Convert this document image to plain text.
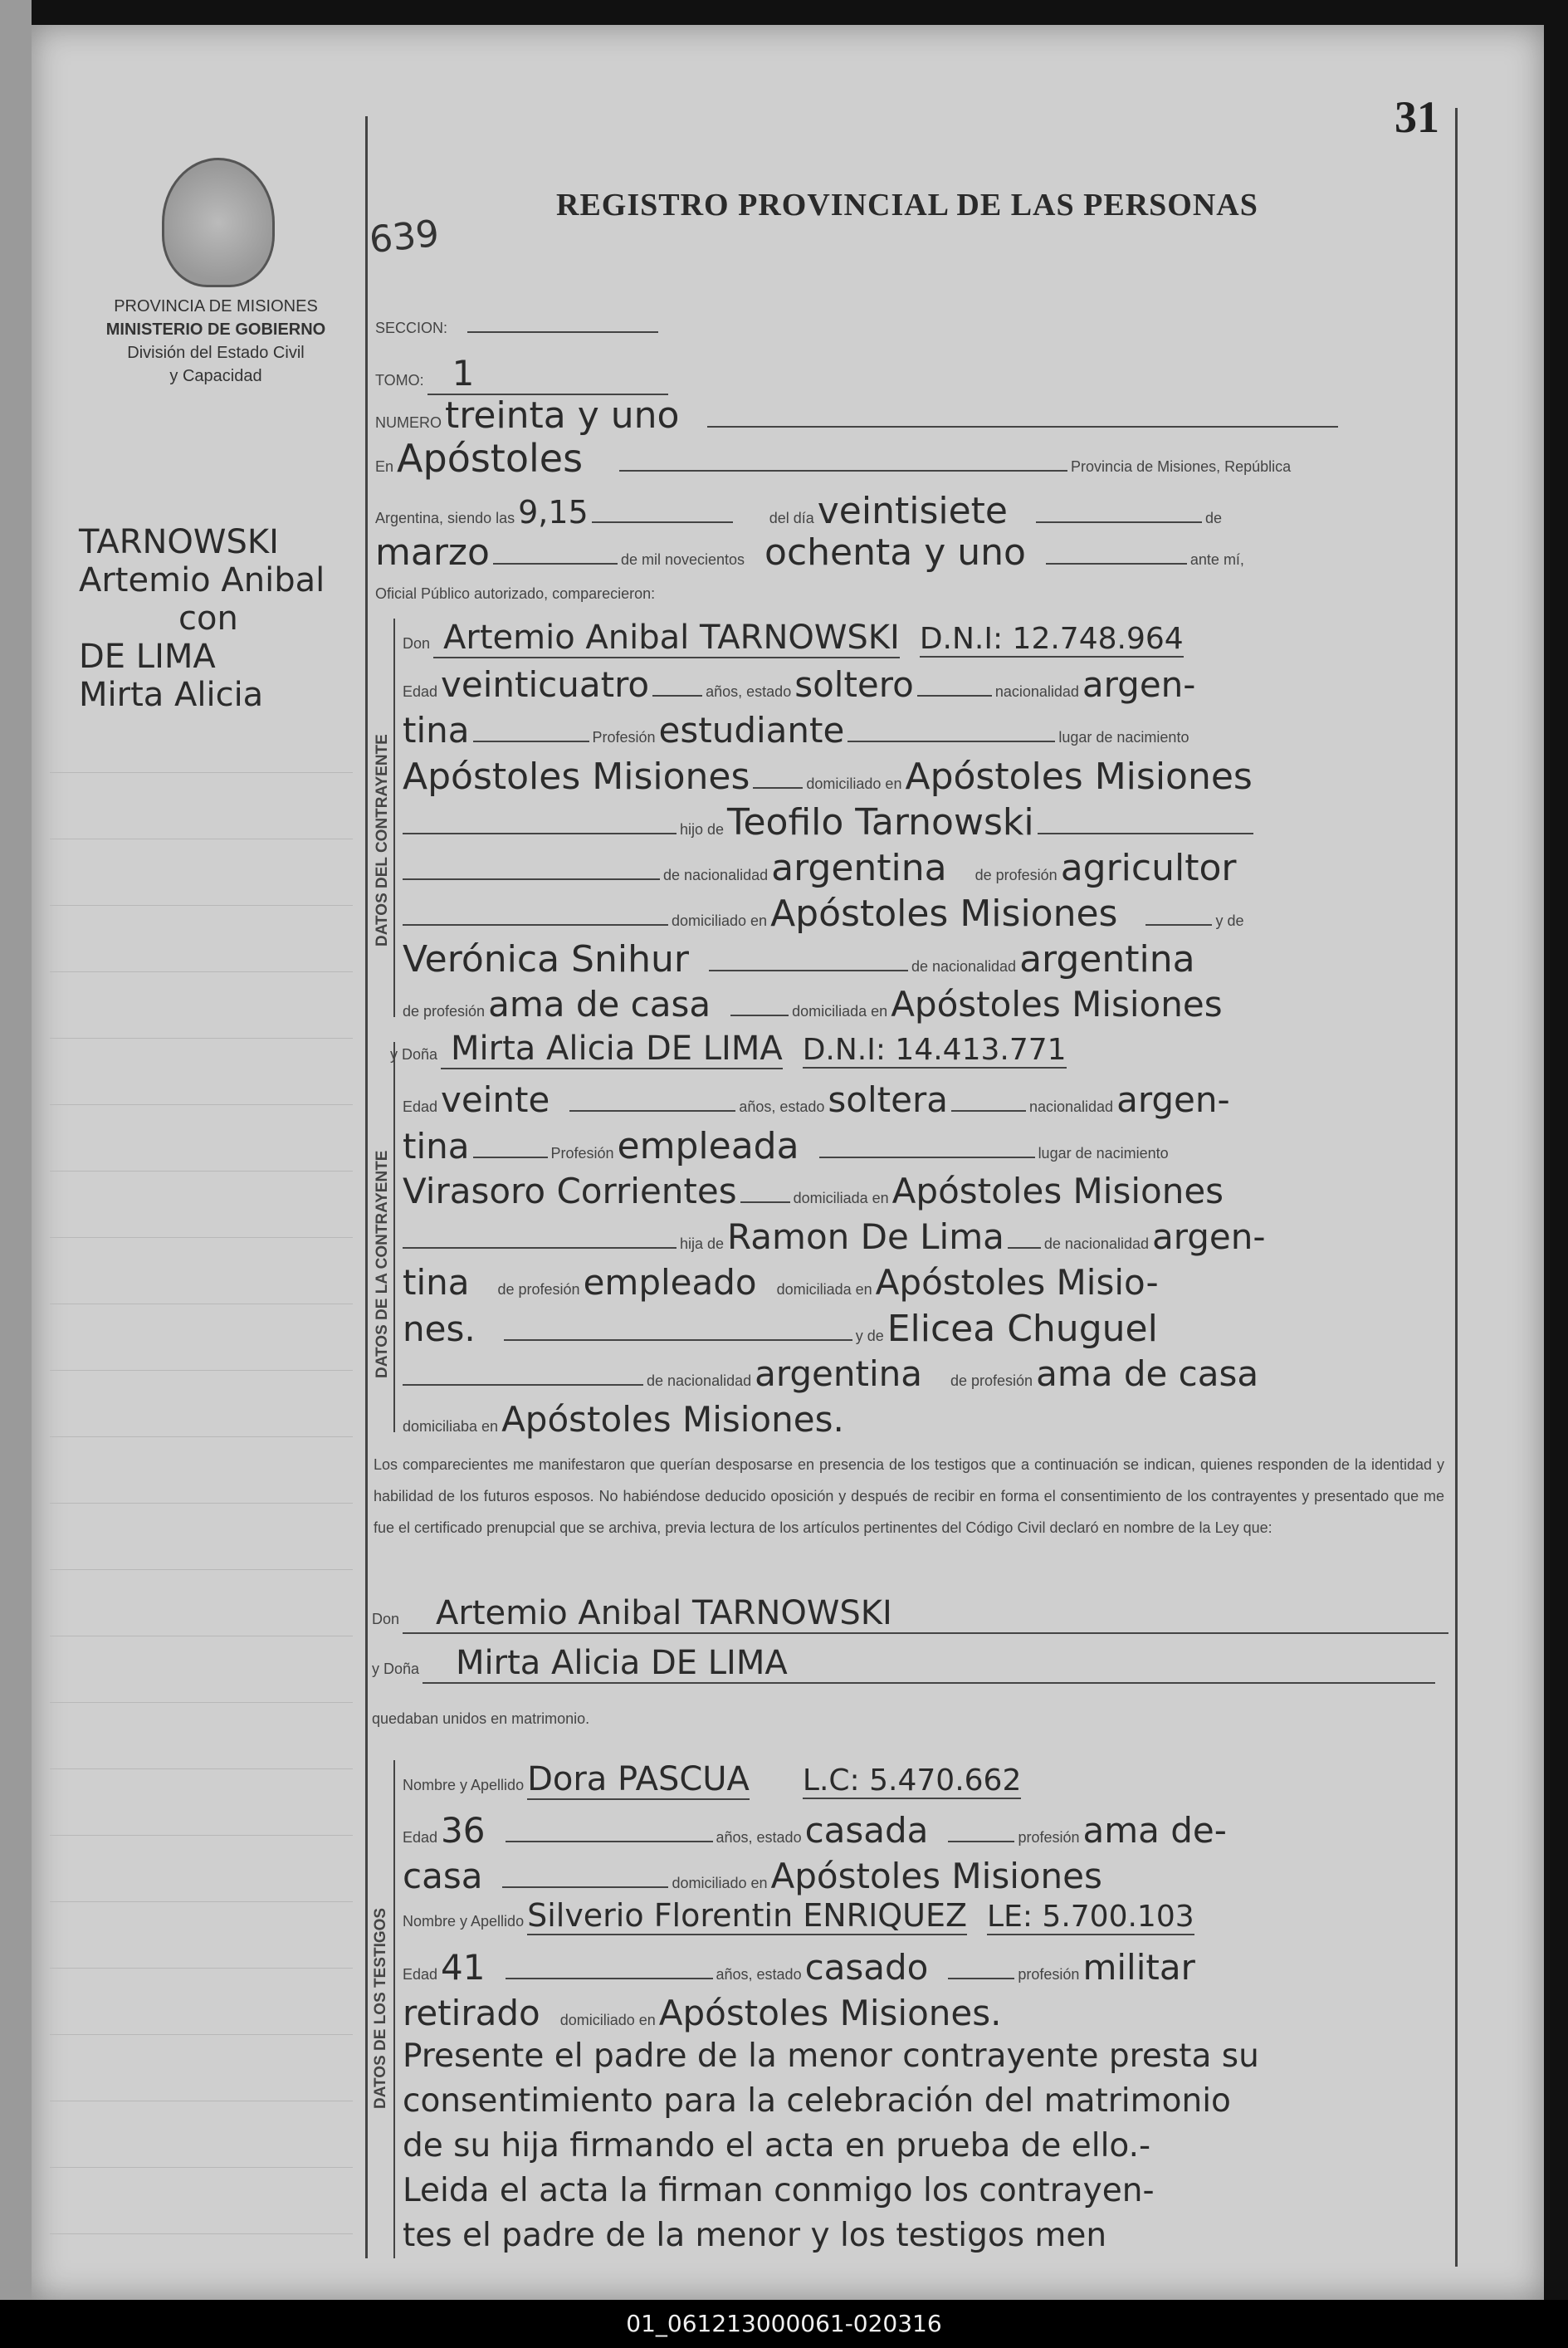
31
PROVINCIA DE MISIONES
MINISTERIO DE GOBIERNO
División del Estado Civil
y Capacidad
REGISTRO PROVINCIAL DE LAS PERSONAS
639
TARNOWSKI
Artemio Anibal
con
DE LIMA
Mirta Alicia
SECCION:
TOMO: 1
NUMERO treinta y uno
En Apóstoles	Provincia de Misiones, República
Argentina, siendo las 9,15	del día veintisiete	de
marzo	de mil novecientos ochenta y uno	ante mí,
Oficial Público autorizado, comparecieron:
DATOS DEL CONTRAYENTE
Don Artemio Anibal TARNOWSKI D.N.I: 12.748.964
Edad veinticuatro	años, estado soltero	nacionalidad argen-
tina	Profesión estudiante	lugar de nacimiento
Apóstoles Misiones	domiciliado en Apóstoles Misiones
hijo de Teofilo Tarnowski
de nacionalidad argentina de profesión agricultor
domiciliado en Apóstoles Misiones	y de
Verónica Snihur	de nacionalidad argentina
de profesión ama de casa	domiciliada en Apóstoles Misiones
DATOS DE LA CONTRAYENTE
y Doña Mirta Alicia DE LIMA D.N.I: 14.413.771
Edad veinte	años, estado soltera	nacionalidad argen-
tina	Profesión empleada	lugar de nacimiento
Virasoro Corrientes	domiciliada en Apóstoles Misiones
hija de Ramon De Lima	de nacionalidad argen-
tina de profesión empleado domiciliada en Apóstoles Misio-
nes.	y de Elicea Chuguel
de nacionalidad argentina de profesión ama de casa
domiciliaba en Apóstoles Misiones.
Los comparecientes me manifestaron que querían desposarse en presencia de los testigos que a continuación se indican, quienes responden de la identidad y habilidad de los futuros esposos. No habiéndose deducido oposición y después de recibir en forma el consentimiento de los contrayentes y presentado que me fue el certificado prenupcial que se archiva, previa lectura de los artículos pertinentes del Código Civil declaró en nombre de la Ley que:
Don Artemio Anibal TARNOWSKI
y Doña Mirta Alicia DE LIMA
quedaban unidos en matrimonio.
DATOS DE LOS TESTIGOS
Nombre y Apellido Dora PASCUA L.C: 5.470.662
Edad 36	años, estado casada	profesión ama de-
casa	domiciliado en Apóstoles Misiones
Nombre y Apellido Silverio Florentin ENRIQUEZ LE: 5.700.103
Edad 41	años, estado casado	profesión militar
retirado domiciliado en Apóstoles Misiones.
Presente el padre de la menor contrayente presta su
consentimiento para la celebración del matrimonio
de su hija firmando el acta en prueba de ello.-
Leida el acta la firman conmigo los contrayen-
tes el padre de la menor y los testigos men
01_061213000061-020316
